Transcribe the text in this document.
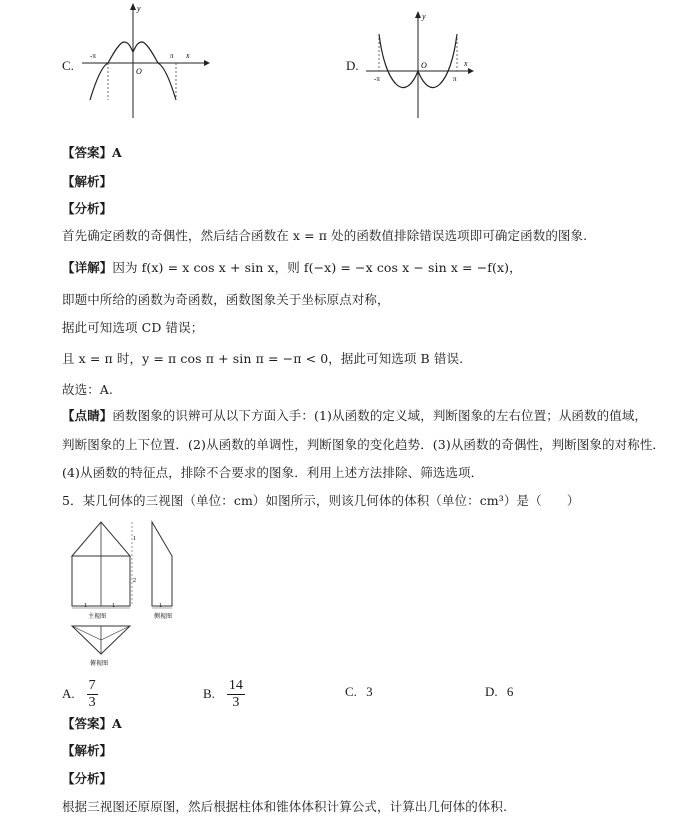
C.
y
x
O
-π	π
D.
y
x
O
-π	π
【答案】A
【解析】
【分析】
首先确定函数的奇偶性，然后结合函数在 x = π 处的函数值排除错误选项即可确定函数的图象.
【详解】因为 f(x) = x cos x + sin x，则 f(−x) = −x cos x − sin x = −f(x)，
即题中所给的函数为奇函数，函数图象关于坐标原点对称，
据此可知选项 CD 错误；
且 x = π 时，y = π cos π + sin π = −π < 0，据此可知选项 B 错误.
故选：A.
【点睛】函数图象的识辨可从以下方面入手：(1)从函数的定义域，判断图象的左右位置；从函数的值域，
判断图象的上下位置．(2)从函数的单调性，判断图象的变化趋势．(3)从函数的奇偶性，判断图象的对称性．
(4)从函数的特征点，排除不合要求的图象．利用上述方法排除、筛选选项．
5．某几何体的三视图（单位：cm）如图所示，则该几何体的体积（单位：cm³）是（　　）
1
2
1	1
主视图
1
侧视图
俯视图
A. $\frac{7}{3}$	B. $\frac{14}{3}$	C. 3	D. 6
【答案】A
【解析】
【分析】
根据三视图还原原图，然后根据柱体和锥体体积计算公式，计算出几何体的体积.
